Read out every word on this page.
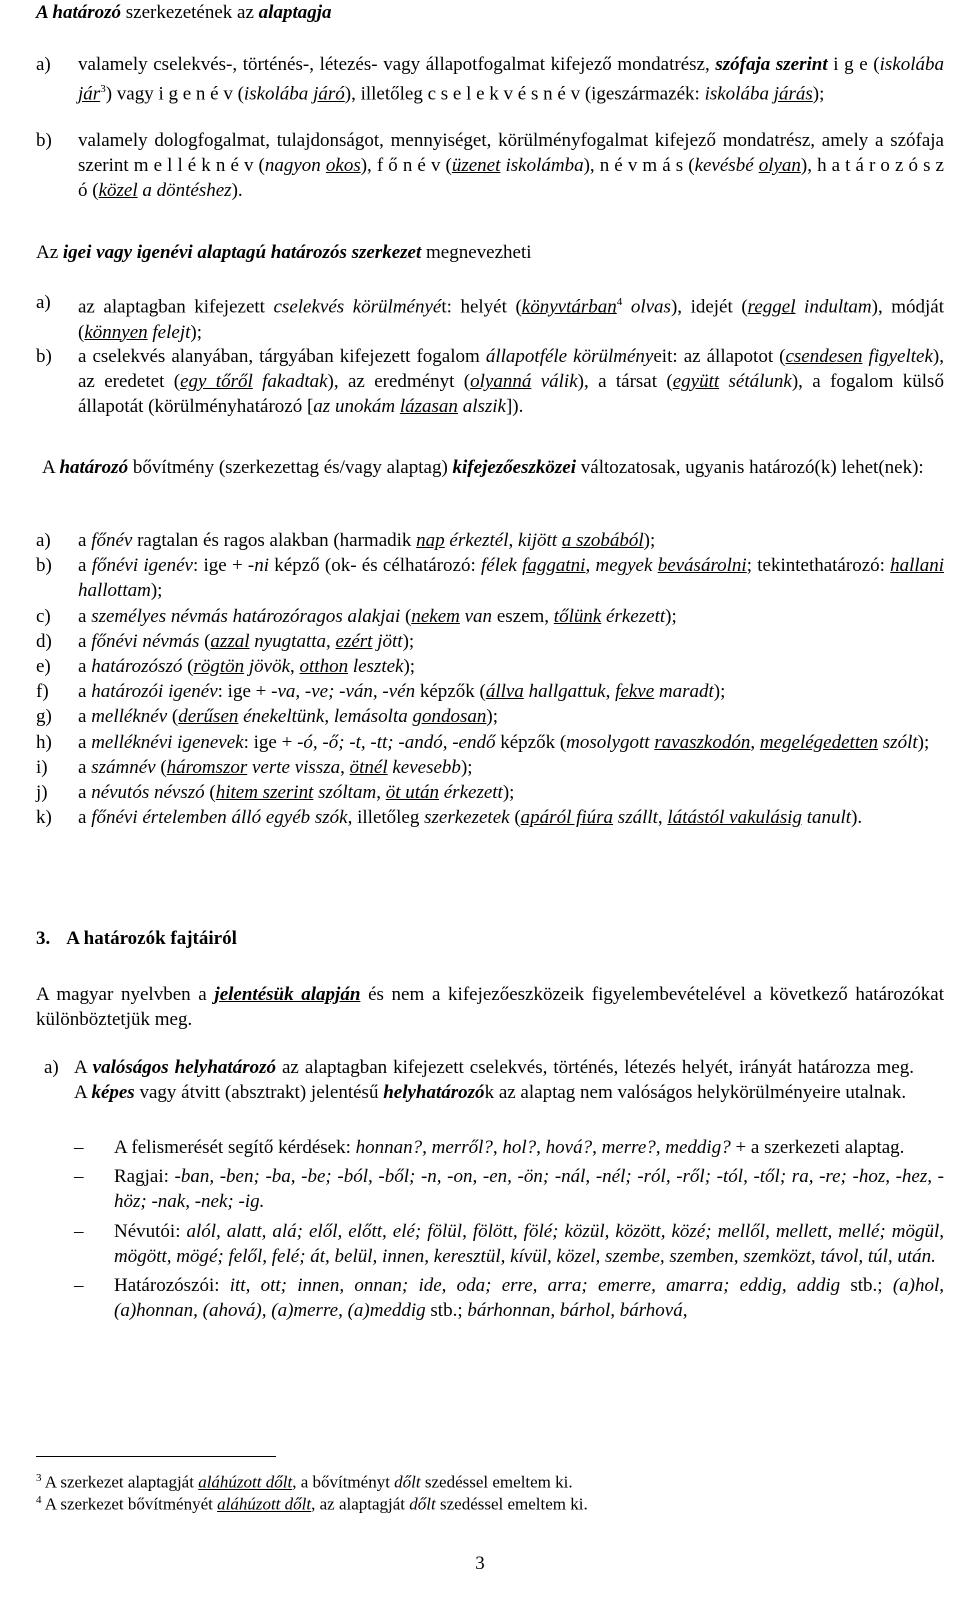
A határozó szerkezetének az alaptagja
a) valamely cselekvés-, történés-, létezés- vagy állapotfogalmat kifejező mondatrész, szófaja szerint i g e (iskolába jár$^3$) vagy i g e n é v (iskolába járó), illetőleg c s e l e k v é s n é v (igeszármazék: iskolába járás);
b) valamely dologfogalmat, tulajdonságot, mennyiséget, körülményfogalmat kifejező mondatrész, amely a szófaja szerint m e l l é k n é v (nagyon okos), f ő n é v (üzenet iskolámba), n é v m á s (kevésbé olyan), h a t á r o z ó s z ó (közel a döntéshez).
Az igei vagy igenévi alaptagú határozós szerkezet megnevezheti
a) az alaptagban kifejezett cselekvés körülményét: helyét (könyvtárban$^4$ olvas), idejét (reggel indultam), módját (könnyen felejt);
b) a cselekvés alanyában, tárgyában kifejezett fogalom állapotféle körülményeit: az állapotot (csendesen figyeltek), az eredetet (egy tőről fakadtak), az eredményt (olyanná válik), a társat (együtt sétálunk), a fogalom külső állapotát (körülményhatározó [az unokám lázasan alszik]).
A határozó bővítmény (szerkezettag és/vagy alaptag) kifejezőeszközei változatosak, ugyanis határozó(k) lehet(nek):
a) a főnév ragtalan és ragos alakban (harmadik nap érkeztél, kijött a szobából);
b) a főnévi igenév: ige + -ni képző (ok- és célhatározó: félek faggatni, megyek bevásárolni; tekintethatározó: hallani hallottam);
c) a személyes névmás határozóragos alakjai (nekem van eszem, tőlünk érkezett);
d) a főnévi névmás (azzal nyugtatta, ezért jött);
e) a határozószó (rögtön jövök, otthon lesztek);
f) a határozói igenév: ige + -va, -ve; -ván, -vén képzők (állva hallgattuk, fekve maradt);
g) a melléknév (derűsen énekeltünk, lemásolta gondosan);
h) a melléknévi igenevek: ige + -ó, -ő; -t, -tt; -andó, -endő képzők (mosolygott ravaszkodón, megelégedetten szólt);
i) a számnév (háromszor verte vissza, ötnél kevesebb);
j) a névutós névszó (hitem szerint szóltam, öt után érkezett);
k) a főnévi értelemben álló egyéb szók, illetőleg szerkezetek (apáról fiúra szállt, látástól vakulásig tanult).
3. A határozók fajtáiról
A magyar nyelvben a jelentésük alapján és nem a kifejezőeszközeik figyelembevételével a következő határozókat különböztetjük meg.
a) A valóságos helyhatározó az alaptagban kifejezett cselekvés, történés, létezés helyét, irányát határozza meg. A képes vagy átvitt (absztrakt) jelentésű helyhatározók az alaptag nem valóságos helykörülményeire utalnak.
– A felismerését segítő kérdések: honnan?, merről?, hol?, hová?, merre?, meddig? + a szerkezeti alaptag.
– Ragjai: -ban, -ben; -ba, -be; -ból, -ből; -n, -on, -en, -ön; -nál, -nél; -ról, -ről; -tól, -től; ra, -re; -hoz, -hez, -höz; -nak, -nek; -ig.
– Névutói: alól, alatt, alá; elől, előtt, elé; fölül, fölött, fölé; közül, között, közé; mellől, mellett, mellé; mögül, mögött, mögé; felől, felé; át, belül, innen, keresztül, kívül, közel, szembe, szemben, szemközt, távol, túl, után.
– Határozószói: itt, ott; innen, onnan; ide, oda; erre, arra; emerre, amarra; eddig, addig stb.; (a)hol, (a)honnan, (ahová), (a)merre, (a)meddig stb.; bárhonnan, bárhol, bárhová,
$^3$ A szerkezet alaptagját aláhúzott dőlt, a bővítményt dőlt szedéssel emeltem ki.
$^4$ A szerkezet bővítményét aláhúzott dőlt, az alaptagját dőlt szedéssel emeltem ki.
3
